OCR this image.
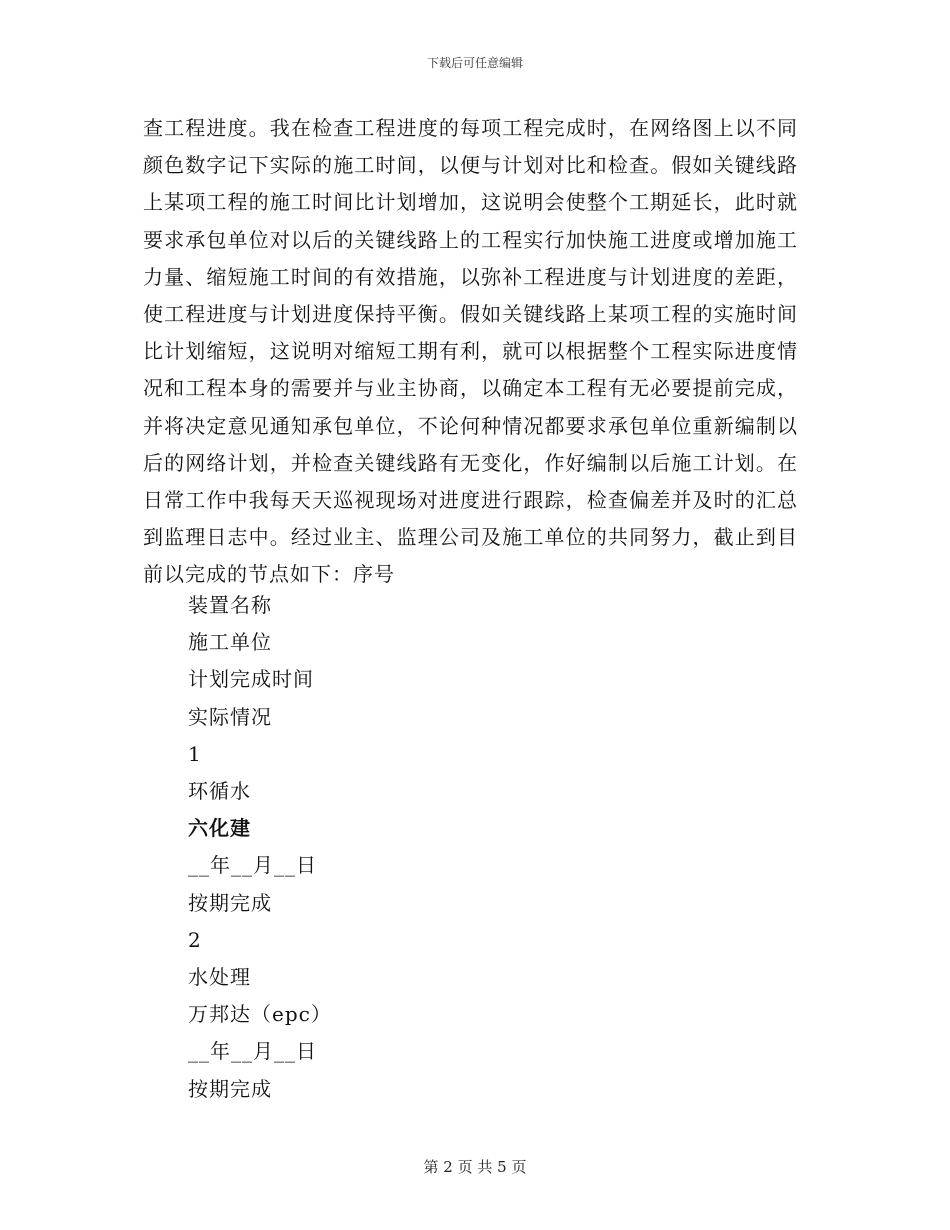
下载后可任意编辑

查工程进度。我在检查工程进度的每项工程完成时，在网络图上以不同颜色数字记下实际的施工时间，以便与计划对比和检查。假如关键线路上某项工程的施工时间比计划增加，这说明会使整个工期延长，此时就要求承包单位对以后的关键线路上的工程实行加快施工进度或增加施工力量、缩短施工时间的有效措施，以弥补工程进度与计划进度的差距，使工程进度与计划进度保持平衡。假如关键线路上某项工程的实施时间比计划缩短，这说明对缩短工期有利，就可以根据整个工程实际进度情况和工程本身的需要并与业主协商，以确定本工程有无必要提前完成，并将决定意见通知承包单位，不论何种情况都要求承包单位重新编制以后的网络计划，并检查关键线路有无变化，作好编制以后施工计划。在日常工作中我每天天巡视现场对进度进行跟踪，检查偏差并及时的汇总到监理日志中。经过业主、监理公司及施工单位的共同努力，截止到目前以完成的节点如下：序号

装置名称
施工单位
计划完成时间
实际情况
1
环循水
六化建
__年__月__日
按期完成
2
水处理
万邦达（epc）
__年__月__日
按期完成
第 2 页 共 5 页
